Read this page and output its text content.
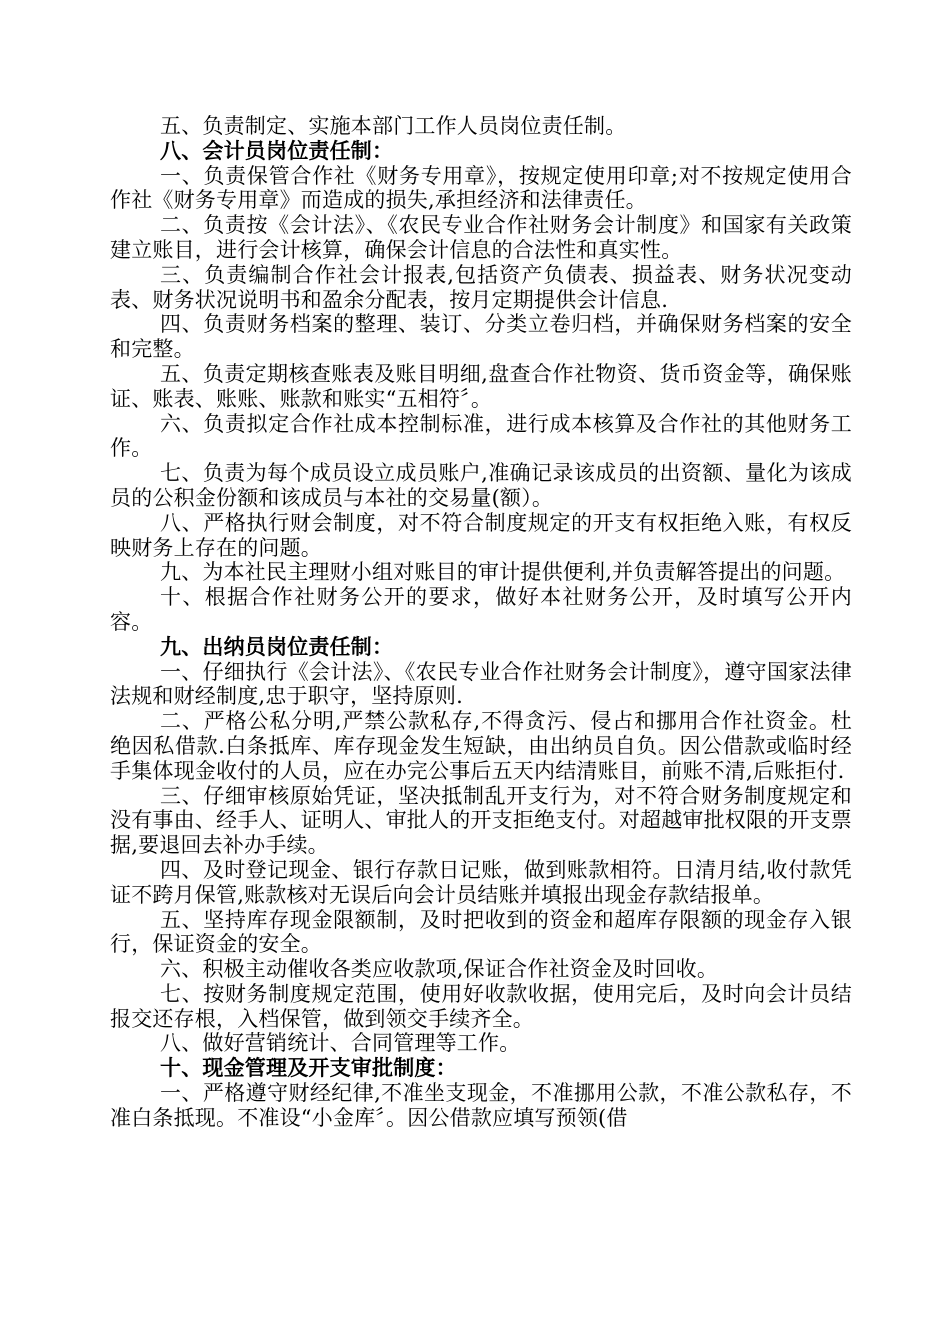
五、负责制定、实施本部门工作人员岗位责任制。

八、会计员岗位责任制：

一、负责保管合作社《财务专用章》，按规定使用印章;对不按规定使用合作社《财务专用章》而造成的损失,承担经济和法律责任。

二、负责按《会计法》、《农民专业合作社财务会计制度》和国家有关政策建立账目，进行会计核算，确保会计信息的合法性和真实性。

三、负责编制合作社会计报表,包括资产负债表、损益表、财务状况变动表、财务状况说明书和盈余分配表，按月定期提供会计信息.

四、负责财务档案的整理、装订、分类立卷归档，并确保财务档案的安全和完整。

五、负责定期核查账表及账目明细,盘查合作社物资、货币资金等，确保账证、账表、账账、账款和账实“五相符〞。

六、负责拟定合作社成本控制标准，进行成本核算及合作社的其他财务工作。

七、负责为每个成员设立成员账户,准确记录该成员的出资额、量化为该成员的公积金份额和该成员与本社的交易量(额）。

八、严格执行财会制度，对不符合制度规定的开支有权拒绝入账，有权反映财务上存在的问题。

九、为本社民主理财小组对账目的审计提供便利,并负责解答提出的问题。

十、根据合作社财务公开的要求，做好本社财务公开，及时填写公开内容。

九、出纳员岗位责任制：

一、仔细执行《会计法》、《农民专业合作社财务会计制度》，遵守国家法律法规和财经制度,忠于职守，坚持原则.

二、严格公私分明,严禁公款私存,不得贪污、侵占和挪用合作社资金。杜绝因私借款.白条抵库、库存现金发生短缺，由出纳员自负。因公借款或临时经手集体现金收付的人员，应在办完公事后五天内结清账目，前账不清,后账拒付.

三、仔细审核原始凭证，坚决抵制乱开支行为，对不符合财务制度规定和没有事由、经手人、证明人、审批人的开支拒绝支付。对超越审批权限的开支票据,要退回去补办手续。

四、及时登记现金、银行存款日记账，做到账款相符。日清月结,收付款凭证不跨月保管,账款核对无误后向会计员结账并填报出现金存款结报单。

五、坚持库存现金限额制，及时把收到的资金和超库存限额的现金存入银行，保证资金的安全。

六、积极主动催收各类应收款项,保证合作社资金及时回收。

七、按财务制度规定范围，使用好收款收据，使用完后，及时向会计员结报交还存根，入档保管，做到领交手续齐全。

八、做好营销统计、合同管理等工作。

十、现金管理及开支审批制度：

一、严格遵守财经纪律,不准坐支现金，不准挪用公款，不准公款私存，不准白条抵现。不准设“小金库〞。因公借款应填写预领(借
